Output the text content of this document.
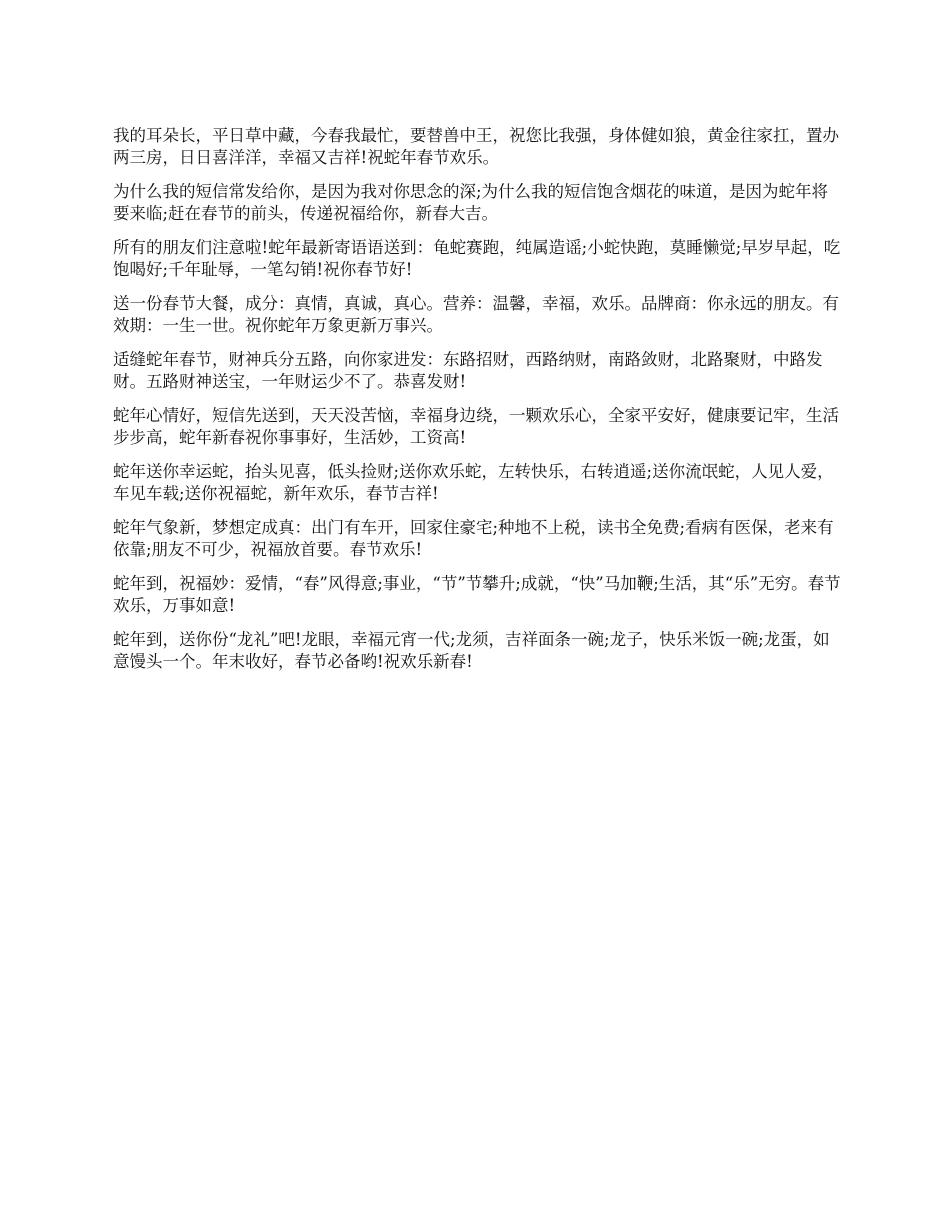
我的耳朵长，平日草中藏，今春我最忙，要替兽中王，祝您比我强，身体健如狼，黄金往家扛，置办两三房，日日喜洋洋，幸福又吉祥!祝蛇年春节欢乐。

为什么我的短信常发给你，是因为我对你思念的深;为什么我的短信饱含烟花的味道，是因为蛇年将要来临;赶在春节的前头，传递祝福给你，新春大吉。

所有的朋友们注意啦!蛇年最新寄语语送到：龟蛇赛跑，纯属造谣;小蛇快跑，莫睡懒觉;早岁早起，吃饱喝好;千年耻辱，一笔勾销!祝你春节好!

送一份春节大餐，成分：真情，真诚，真心。营养：温馨，幸福，欢乐。品牌商：你永远的朋友。有效期：一生一世。祝你蛇年万象更新万事兴。

适缝蛇年春节，财神兵分五路，向你家进发：东路招财，西路纳财，南路敛财，北路聚财，中路发财。五路财神送宝，一年财运少不了。恭喜发财!

蛇年心情好，短信先送到，天天没苦恼，幸福身边绕，一颗欢乐心，全家平安好，健康要记牢，生活步步高，蛇年新春祝你事事好，生活妙，工资高!

蛇年送你幸运蛇，抬头见喜，低头捡财;送你欢乐蛇，左转快乐，右转逍遥;送你流氓蛇，人见人爱，车见车载;送你祝福蛇，新年欢乐，春节吉祥!

蛇年气象新，梦想定成真：出门有车开，回家住豪宅;种地不上税，读书全免费;看病有医保，老来有依靠;朋友不可少，祝福放首要。春节欢乐!

蛇年到，祝福妙：爱情，“春”风得意;事业，“节”节攀升;成就，“快”马加鞭;生活，其“乐”无穷。春节欢乐，万事如意!

蛇年到，送你份“龙礼”吧!龙眼，幸福元宵一代;龙须，吉祥面条一碗;龙子，快乐米饭一碗;龙蛋，如意馒头一个。年末收好，春节必备哟!祝欢乐新春!
